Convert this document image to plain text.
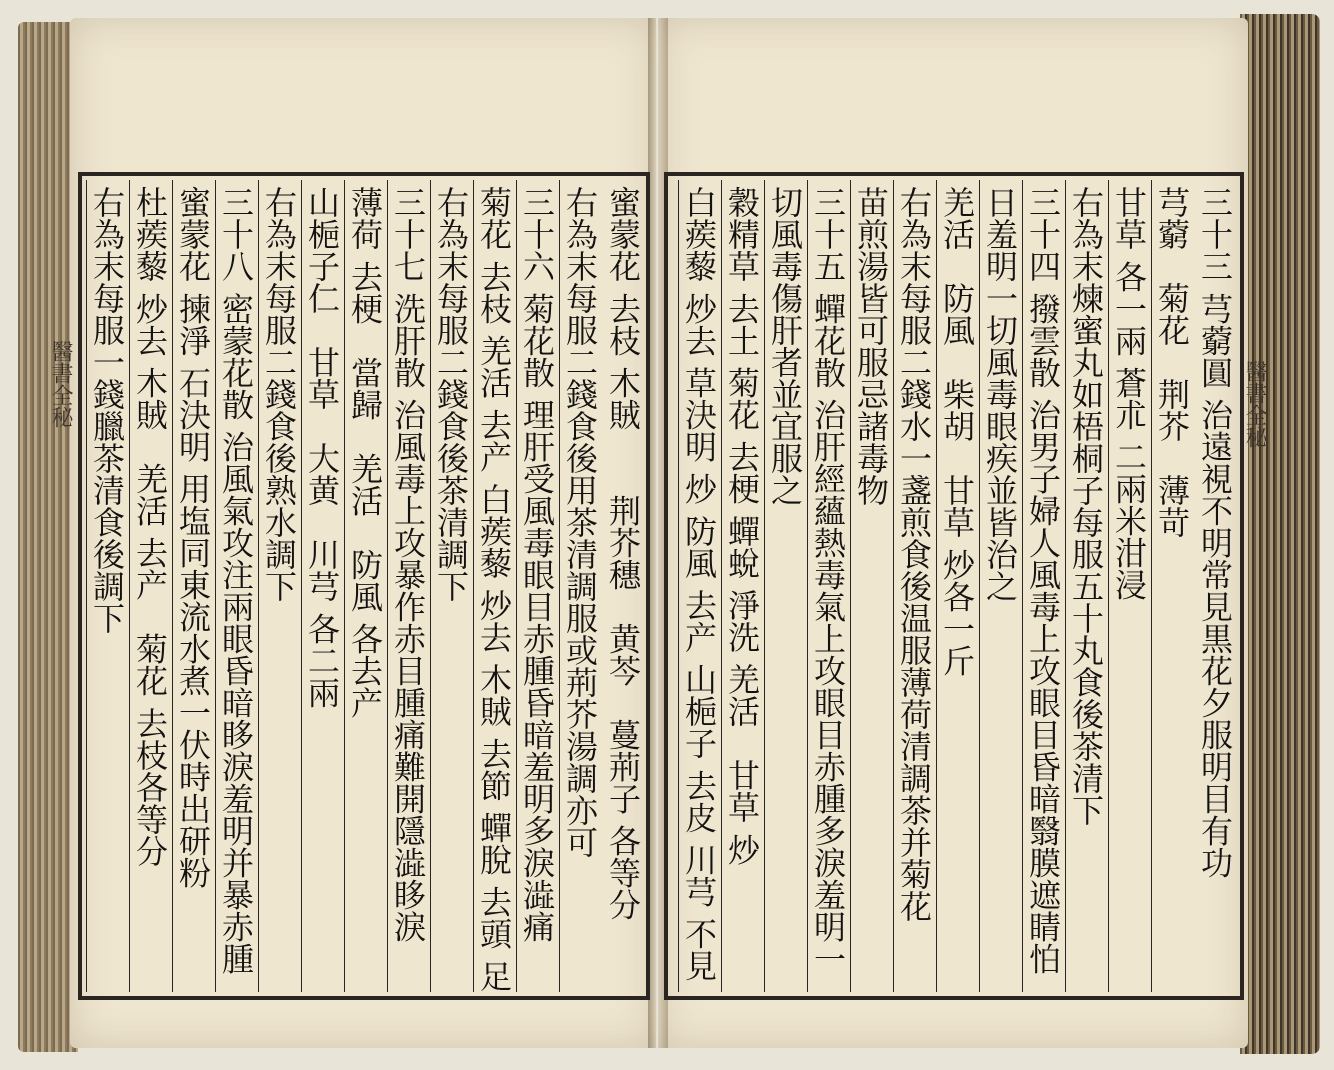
醫書全秘	醫書全秘
蜜蒙花 去枝 木賊　　荆芥穗　黄芩　蔓荊子 各等分
右為末每服二錢食後用茶清調服或荊芥湯調亦可
三十六 菊花散 理肝受風毒眼目赤腫昏暗羞明多淚澁痛
菊花 去枝 羌活 去产 白蒺藜 炒去 木賊 去節 蟬脫 去頭 足
右為末每服二錢食後茶清調下
三十七 洗肝散 治風毒上攻暴作赤目腫痛難開隱澁眵淚
薄荷 去梗　當歸　羌活　防風 各去产
山梔子仁　甘草　大黄　川芎 各二兩
右為末每服二錢食後熟水調下
三十八 密蒙花散 治風氣攻注兩眼昏暗眵淚羞明并暴赤腫
蜜蒙花 揀淨 石決明 用塩同東流水煮一伏時出研粉
杜蒺藜 炒去 木賊　羌活 去产　菊花 去枝各等分
右為末每服一錢臘茶清食後調下	三十三 芎藭圓 治遠視不明常見黒花夕服明目有功
芎藭　菊花　荆芥　薄苛
甘草 各一兩 蒼朮 二兩米泔浸
右為末煉蜜丸如梧桐子每服五十丸食後茶清下
三十四 撥雲散 治男子婦人風毒上攻眼目昏暗翳膜遮睛怕
日羞明一切風毒眼疾並皆治之
羌活　防風　柴胡　甘草 炒各一斤
右為末每服二錢水一盞煎食後温服薄荷清調茶并菊花
苗煎湯皆可服忌諸毒物
三十五 蟬花散 治肝經蘊熱毒氣上攻眼目赤腫多淚羞明一
切風毒傷肝者並宜服之
穀精草 去土 菊花 去梗 蟬蛻 淨洗 羌活　甘草 炒
白蒺藜 炒去 草決明 炒 防風 去产 山梔子 去皮 川芎 不見
